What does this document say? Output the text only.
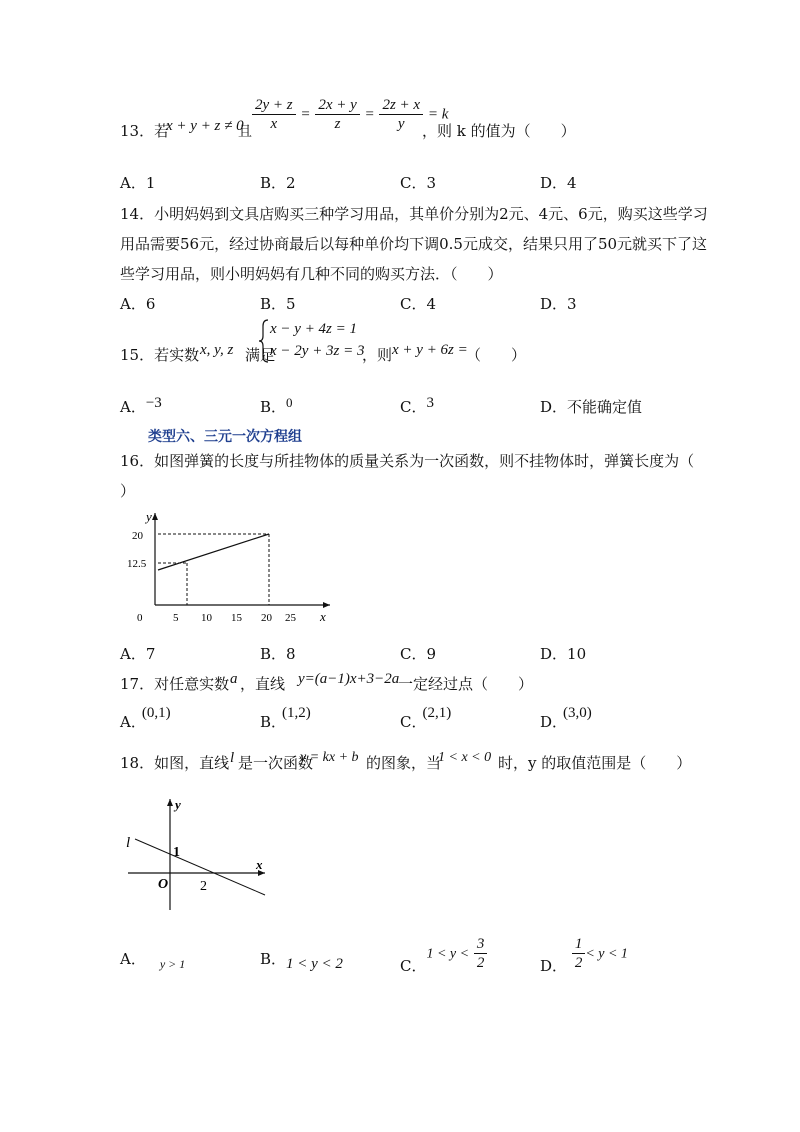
13．若
x + y + z ≠ 0
且 $\frac{2y + z}{x} = \frac{2x + y}{z} = \frac{2z + x}{y} = k$
，则 k 的值为（　　）
A．1	B．2	C．3	D．4
14．小明妈妈到文具店购买三种学习用品，其单价分别为2元、4元、6元，购买这些学习
用品需要56元，经过协商最后以每种单价均下调0.5元成交，结果只用了50元就买下了这
些学习用品，则小明妈妈有几种不同的购买方法．（　　）
A．6	B．5	C．4	D．3
15．若实数 x, y, z 满足
x − y + 4z = 1
x − 2y + 3z = 3
，则 x + y + 6z =
（　　）
A．−3	B．0	C．3	D．不能确定值
类型六、三元一次方程组
16．如图弹簧的长度与所挂物体的质量关系为一次函数，则不挂物体时，弹簧长度为（
）
y
x
20
12.5
0	5 10 15 20 25
A．7	B．8	C．9	D．10
17．对任意实数 a ，直线 y=(a−1)x+3−2a
一定经过点（　　）
A．(0,1)	B．(1,2)	C．(2,1)	D．(3,0)
18．如图，直线 l 是一次函数
y = kx + b 的图象，当
1 < x < 0 时，y 的取值范围是（　　）
y
x
l
1
O 2
A． $_{y > 1}$	B．1 < y < 2	C．$1 < y < \frac{3}{2}$	D． $\frac{1}{2} < y < 1$
